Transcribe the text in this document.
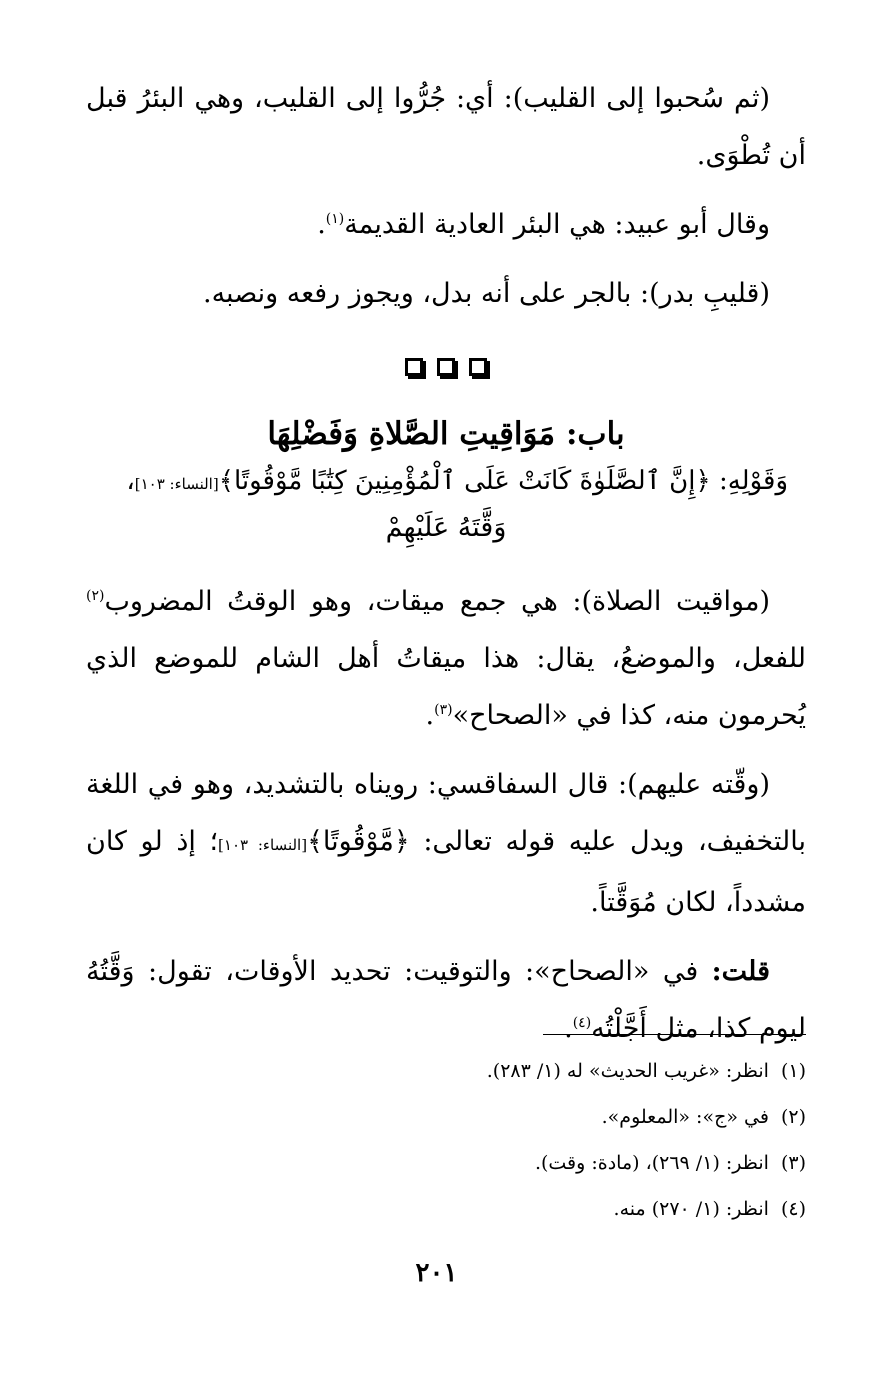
(ثم سُحبوا إلى القليب): أي: جُرُّوا إلى القليب، وهي البئرُ قبل أن تُطْوَى.

وقال أبو عبيد: هي البئر العادية القديمة$^{(١)}$.

(قليبِ بدر): بالجر على أنه بدل، ويجوز رفعه ونصبه.

باب: مَوَاقِيتِ الصَّلاةِ وَفَضْلِهَا

وَقَوْلِهِ: ﴿إِنَّ ٱلصَّلَوٰةَ كَانَتْ عَلَى ٱلْمُؤْمِنِينَ كِتَٰبًا مَّوْقُوتًا﴾[النساء: ١٠٣]،

وَقَّتَهُ عَلَيْهِمْ

(مواقيت الصلاة): هي جمع ميقات، وهو الوقتُ المضروب$^{(٢)}$ للفعل، والموضعُ، يقال: هذا ميقاتُ أهل الشام للموضع الذي يُحرمون منه، كذا في «الصحاح»$^{(٣)}$.

(وقّته عليهم): قال السفاقسي: رويناه بالتشديد، وهو في اللغة بالتخفيف، ويدل عليه قوله تعالى: ﴿مَّوْقُوتًا﴾[النساء: ١٠٣]؛ إذ لو كان مشدداً، لكان مُوَقَّتاً.

قلت: في «الصحاح»: والتوقيت: تحديد الأوقات، تقول: وَقَّتُهُ ليوم كذا، مثل أَجَّلْتُه$^{(٤)}$.

(١)انظر: «غريب الحديث» له (١/ ٢٨٣).

(٢)في «ج»: «المعلوم».

(٣)انظر: (١/ ٢٦٩)، (مادة: وقت).

(٤)انظر: (١/ ٢٧٠) منه.

٢٠١
